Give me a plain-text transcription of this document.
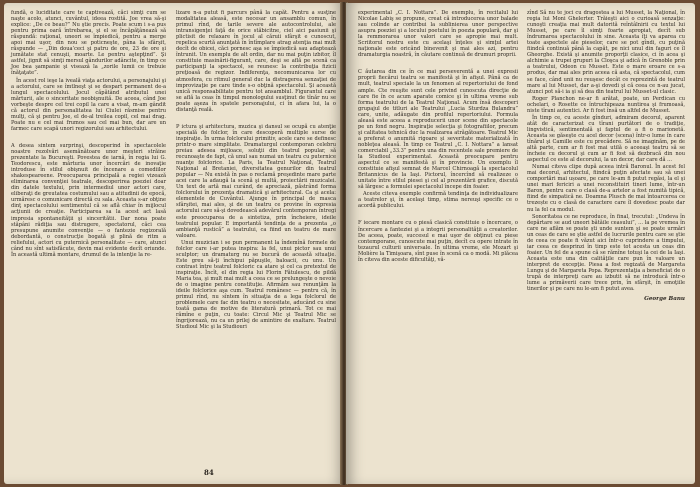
fundă, o luciditate care te captivează, căci simţi cum se naşte acolo, atunci, cuvântul, ideea rostită. Joe vrea să-şi explice: „De ce beau?” Nu ştie precis. Poate scum i s-a pus pentru prima oară întrebarea, şi el se încăpăţânează să răspundă: raţional, uneori se împiedică, pentru a merge apoi mai uşor, din nou se poticneşte, pâna la sfârşit, răspunde — „Din doua’ceci şi patru de ore, 23 de ore şi jumătate stat cenuşii, moarte. Le pentru aştepţind”. Şi astfel, jignit să simţi mersul gândurilor adâncite, în timp ce Joe bea şampanie şi viseazã la „zorile lumii ce trebuie înăţaţate”.

În acest rol ieşe la iveală viaţa actorului, a personajului şi a actorului, care se îmtlneşt şi se despart permanent de-a lungul spectacolului. Jocul căpătând atributul unei mărturii, ale o sinceritate neobişnuită. De aceea, când Joe vorbeşte despre cel trei copil la care a visat, m-am gândit că actorul din personalitatea lui Ciulei răsmise pentru mulţi, că şi pentru Joe, el de-al treilea copil, cel mai drag. Poate nu e cel mai frumos sau cel mai bun, dar are un farmec care scapă unori regizorului sau arhitectului.

A desea sintem surprinşi, descoperind în spectacolele noastre rezolvări asemănătoare unor meşteri străine prezentate la Bucureşti. Povestea de iarnă, în regia lui G. Teodorescu, este mărturia unor încercări de inovaţie introduse în stilul obişnuit de încenare a comediilor shakespeareene. Preocuparea principală a regiei vizează eliminarea convenţiei teatrale, descoperirea poeziei doar din datele textului, prin intermediul unor actori care, eliberaţi de greutatea costumului sau a atitudinii de epocă, urmăresc o comunicare directă cu sala. Aceasta s-ar obţine dinţ spectacolului sentimentul că se află chiar în mijlocul acţiunii de creaţie. Participarea sa la acest act lasă impresia spontaneităţii şi sinceritătii. Dar nona poate stăpâni rădiţia sau distrugere, spectatorul, căci cea presupune anumite convenţie — o fantezie regizorală debordantă, o construcţie bogată şi plină de ritm a reliefului, actori cu puternică personalitate — care, atunci când nu sînt satisfăcute, devin mai evidente decît oriunde. În această ultimă montare, drumul de la intenţie la re-

lizare n-a putut fi parcurs până la capăt. Pentru a susţine modalitatea aleasă, este necesar un ansamblu comun, în primul rînd, de tarile severe ale autocontrolului, ale intransigenţei faţă de orice stăbicitne, ciel aici pasiunii şi plictisit de relaxare în jocul al căruii sfârşit e cunoscut, repelica scurtă anunţată în întîmplare atrag atenţia mai mult decît de obicei, căci pornesc aşa se împiedică sau adaptează întrunit. Un exemplu de alt ordin, dar nu mai puţin izbitor, îl constituie masinării-figurant, care, deşi se află pe scenă ca participanţi la spectacol, se reunesc la contribuţia fizicii preţioasă de regizor. Indiferenţa, necomunicarea lor cu atmosfera, cu ritmul general duc la distragerea senzaţiei de improvizaţie pe care tinde s-o obţină spectacolul. Şi această unică responsabilitate pentru tot ansamblul. Figurantul care se află la ceas în timpul monologului susţinut de tînăr nu se poate aşeza în spatele personajului, ci în afara lui, la o distanţă reală.

P ictura şi arhitectura, muzica şi dansul se ocupă cu atenţie specială de folclor, în care descoperă multiple surse de inspiraţie. În urma folclorului primitiv, acele care se definesc printr-o mare simplitate. Dramaturgul contemporan celebru preiau adesea mijloace, soluţii din teatrul popular, să recunoaşte de fapt, că unul sau numai un teatru cu puternice nuanţe folclorice. La Paris, la Teatrul Naţional, Teatrul Naţional al Bretaniei, diversitatea genurilor din teatrul popular — Nu există în pas o reclamă preşedinte mare parte acei care la adaugă la scenă şi multă, proiectării muzicalei. Un text de artă mai curând, de apreciază, păstrând forma folclorului în prezenţa dramatică şi arhitectural. Ca şi acela: elementele de Cuvântul. Ajunge în principal de masca sfârşitei, mai ales, şi de un teatru ce provine în expresia actorului care să-şi dovedească adevărul contemporan întregi este preocuparea de a sintetiza, prin încheiere, ideile teatrului popular. E importantă tendinţa de a prezenta „o ambianţă rustică” a teatrului, ca fiind un teatru de mare valoare.

Unui muzician i se pun permanent la îndemînă formele de folclor care i-ar putea inspira: la fel, unui pictor sau unui sculptor; un dramaturg nu se bucură de această situaţie. Este greu să-ţi închipui păpuşile, baloacii, cu unu. Un contrast între teatrul folcloric ca atare şi cel ca pretextul de inspiraţie. Încît, el din regia lui Florin Fătulescu, de pildă Maria tea, şi mult mai mult a ceea ce se prelungeşte o nevoie de o imagine pentru constituţie. Afirmăm sau renunţăm la ideile folclorice aşa cum. Teatrul românesc — pentru că, în primul rînd, nu sîntem în situaţia de a lega folclorul de problemele care fac din teatru o necesitate, aducând cu sine toată gama de motive de literatură primară. Tot ce mai rămîne e puţin, cu toate: Circul Mic şi Teatrul Mic se îngrijorează, nu ca un prilej de amintire de exaltare. Teatrul Studioul Mic şi la Studiouri

84

experimental „C. I. Nottara”. De exemplu, în recitalul lui Nicolae Labiş se propune, creat că introducerea unor balade sau colinde ar contribui la sublinierea unor perspective asupra poeziei şi a locului poetului în poezia populară, dar şi la remmorarea unor valori care se apropie mai mult. Scriitorul nostru este cu acelaşi înţeles şi simţul artei naţionale este oricând binevenit şi mai ales azi, pentru dramaturgia noastră, în căutare continuă de drumuri proprii.

C ăutarea din ce în ce mai perseverentă a unei expresii proprii fiecărui teatru se manifestă şi în afişul. Până ca de mult, teatrul speciale la un fenomen al repertoriului de fond ample. Cte reuşite sunt cele privind cunoscuta direcţie de care fie în ce acum aparate comice şi în ultima vreme sub forma teatrului de la Teatrul Naţional. Acum însă descoperi grupajul de titluri ale Teatrului „Lucia Sturdza Bulandra” care, unite, adăugate din profilul repertoriului. Formula aleasă este aceea a reproducerii unor scene din spectacole pe un fond negru. Inspiraţie selecţia şi fotografiilor, precum şi calitatea tehnică duc la realizarea atrăgătoare. Teatrul Mic a preferat o anumită rigoare şi severitate materializată în nobleţea aleasă. În timp ce Teatrul „C. I. Nottara” a lansat comerciabil „33.3” pentru una din recentele sale premiere de la Studioul experimental. Această preocupare pentru aspectul ce se manifestă şi în provincie. Un exemplu îl constituie afişul semnat de Marcel Chirnoagă la spectacolul Britannicus de la Iaşi. Pictorul, încercînd să realizeze o unitate între stilul piesei şi cel al prezentării grafice, discută să lărgesc a formulei spectacolul începe din foaier.

Aceste citeva exemple confirmă tendinţa de individualizare a teatrelor şi, în acelaşi timp, stima nereuşi specific ce o acordă publicului.

F iecare montare cu o piesă clasică constituie o încercare, o încercare a fanteziei şi a integrii personalităţii a creatorilor. De aceea, poate, succesul e mai uşor de obţinut cu piese contemporane, cunoscute mai puţin, decît cu opere intrate în tezaurul culturii universale. În ultima vreme, ele Mozart şi Molière la Timişoara, sînt puse în scenă ca o modă. Mi plăcea în citeva din aceste dificultăţi, vă-

zînd Să nu te joci cu dragostea a lui Musset, la Naţional, în regia lui Moni Ghelerter. Trăieşti aici o curioasă senzaţie: cunoşti creaţia mai mult datorită reîntâlnirii cu textul lui Musset, pe care îl simţi foarte apropiat, decît sub îndrumarea spectacolului în sine. Aceasta îţi va aparea cu toate aspectele ale pieselor, care se pot gîndi, cu puţină fiindcă continuă până la capăt, pe nici unul din faguri ce îl Gheorghe. Există şi anumite proporţii clasice, ci în acea şi alchimie a trupei grupuri la Cloşca şi adică în Grenoble prin a teatrului, Odeon cu Musset. Este o mare eroare ce s-a produs, dar mai ales prin aceea că asta, că spectacolul, cum se face, când unii nu reuşesc decât ce reprezintă de teatrul mare al lui Musset, dar a-şi dovedi şi că ceea ce n-au jucat, atunci pot să-i ia şi să dea din teatrul lui Musset-ul clasic.

Roger Planchon ne-ar fi arătat, poate, un Perdican cu ochelari, o Rosette ce întruchipeaza nuntirea şi frumoasă, niste tîrani autentici. Ar fi fost însă un altfel de Musset.

În timp ce, cu aceste gînduri, admiram decorul, aparent atât de caracterizat cu tîrani purtători de o tradiţie, lingvistică, sentimentală şi faptul de a fi o marionetă. Aceasta se găseşte cu acel decor (scena) într-o lume în care tînărul şi Camille este cu precădere. Să ne imaginăm, pe de altă parte, cum ar fi fost mai utilă o aceeaşi teatru să se încheie cu decorul şi cum ar fi fost să dezbracă din nou aspectul ce este al decorului, la un decor, dar care dă ...

Numai citeva clipe după aceea intră Baronul. În acest fel mai decorul, arhitectul, fiindcă puţin afectate sau să unei comportări mai ușoare, pe care le-am fi putut regăsi, la el şi unei mari fericiri a unei reconstituiri tineri lume, într-un Baron, pentru care o clasă de-a artelor a fost numită tipică, fiind de simpatică ne. Doamna Plusch de mai întoarcerea ce trezește cu o clasă de caractere care îl dovedesc poate dar nu la fel ca modul.

Sonoritatea ce ne reproduce, în final, trecutul: „Undeva în depărtare se aud uneori bătăile ceasului”, ... la pe vremea în care ne aflăm se poate şti unde suntem şi se poate urmări un ceas de care se ştie astfel de lucrurile pentru care se ştie de ceea ce poate fi văzut aici într-o cuprindere a timpului, iar ceea ce desprinzi în timp este tot acesta un ceas din foaier. Un fel de a spune că se rămîne totuşi la cei de la Iaşi. Aceasta este una din calităţile care pun în valoare un interpret de excepţie. Piesa a fost regizată de Margareta Lungu şi de Margareta Popa. Reprezentaţia a beneficiat de o trupă de interpreţi care au izbutit să ne introducă într-o lume a primăverii care trece prin, în sfârşit, în emoţiile tinerilor şi pe care nu le-am fi putut avea.

George Banu
